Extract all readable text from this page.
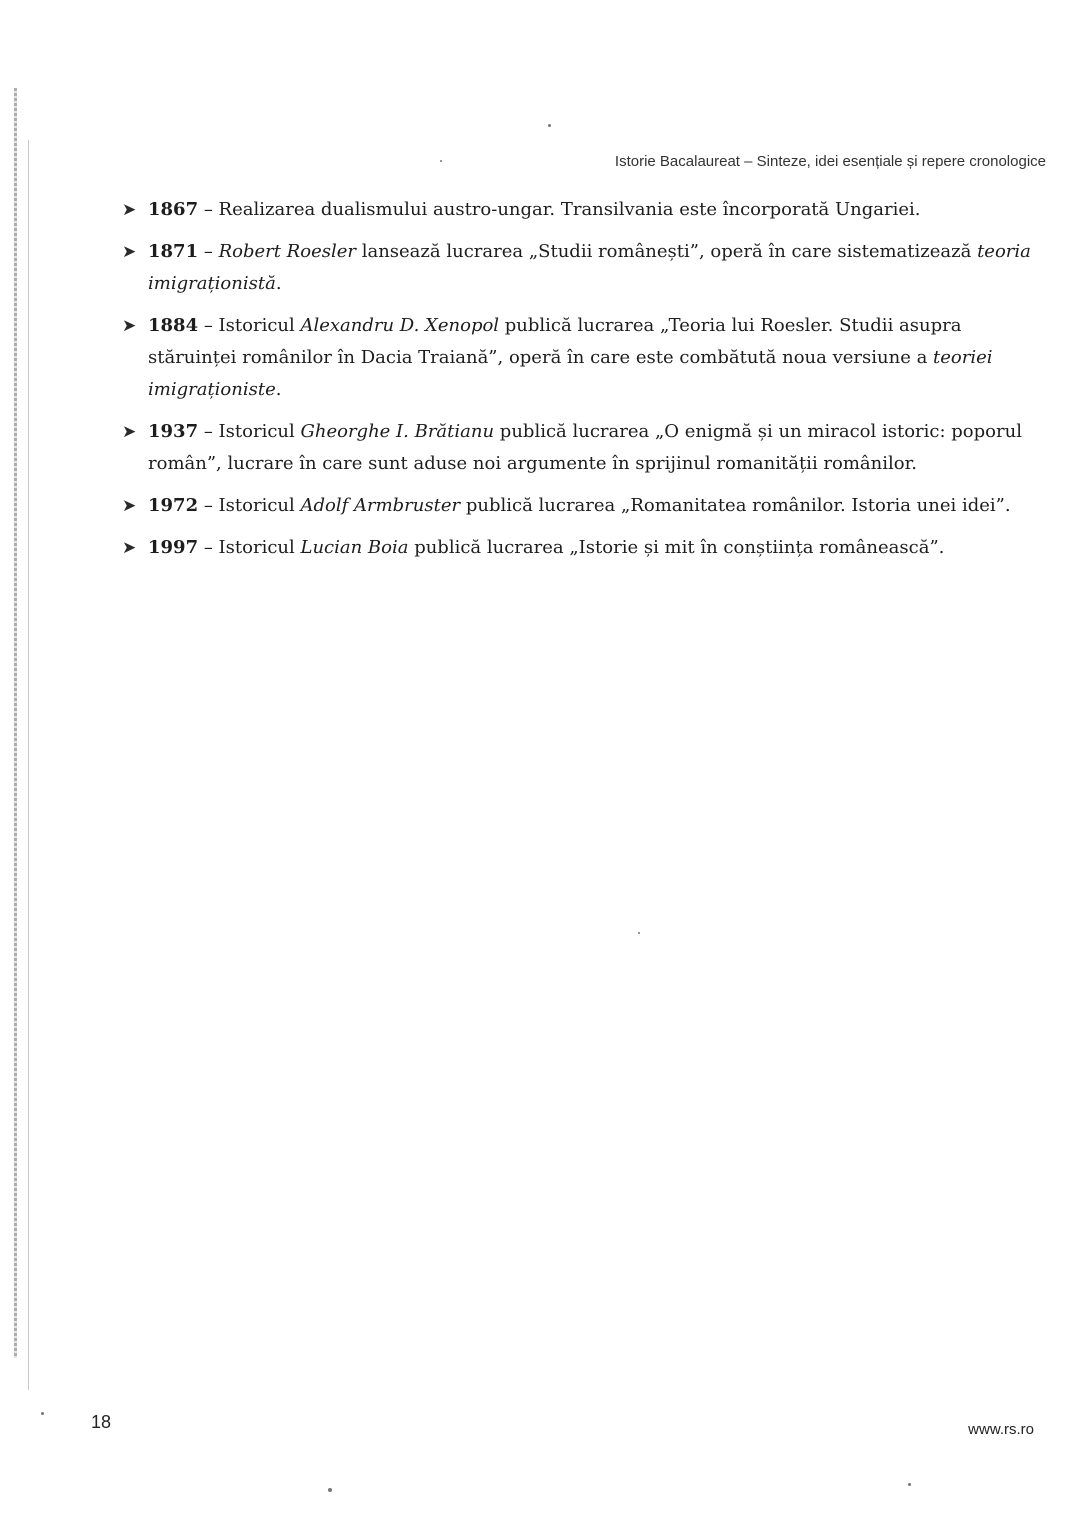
Istorie Bacalaureat – Sinteze, idei esențiale și repere cronologice
➤ 1867 – Realizarea dualismului austro-ungar. Transilvania este încorporată Ungariei.
➤ 1871 – Robert Roesler lansează lucrarea „Studii românești”, operă în care sistematizează teoria imigraționistă.
➤ 1884 – Istoricul Alexandru D. Xenopol publică lucrarea „Teoria lui Roesler. Studii asupra stăruinței românilor în Dacia Traiană”, operă în care este combătută noua versiune a teoriei imigraționiste.
➤ 1937 – Istoricul Gheorghe I. Brătianu publică lucrarea „O enigmă și un miracol istoric: poporul român”, lucrare în care sunt aduse noi argumente în sprijinul romanității românilor.
➤ 1972 – Istoricul Adolf Armbruster publică lucrarea „Romanitatea românilor. Istoria unei idei”.
➤ 1997 – Istoricul Lucian Boia publică lucrarea „Istorie și mit în conștiința românească”.
18	www.rs.ro
